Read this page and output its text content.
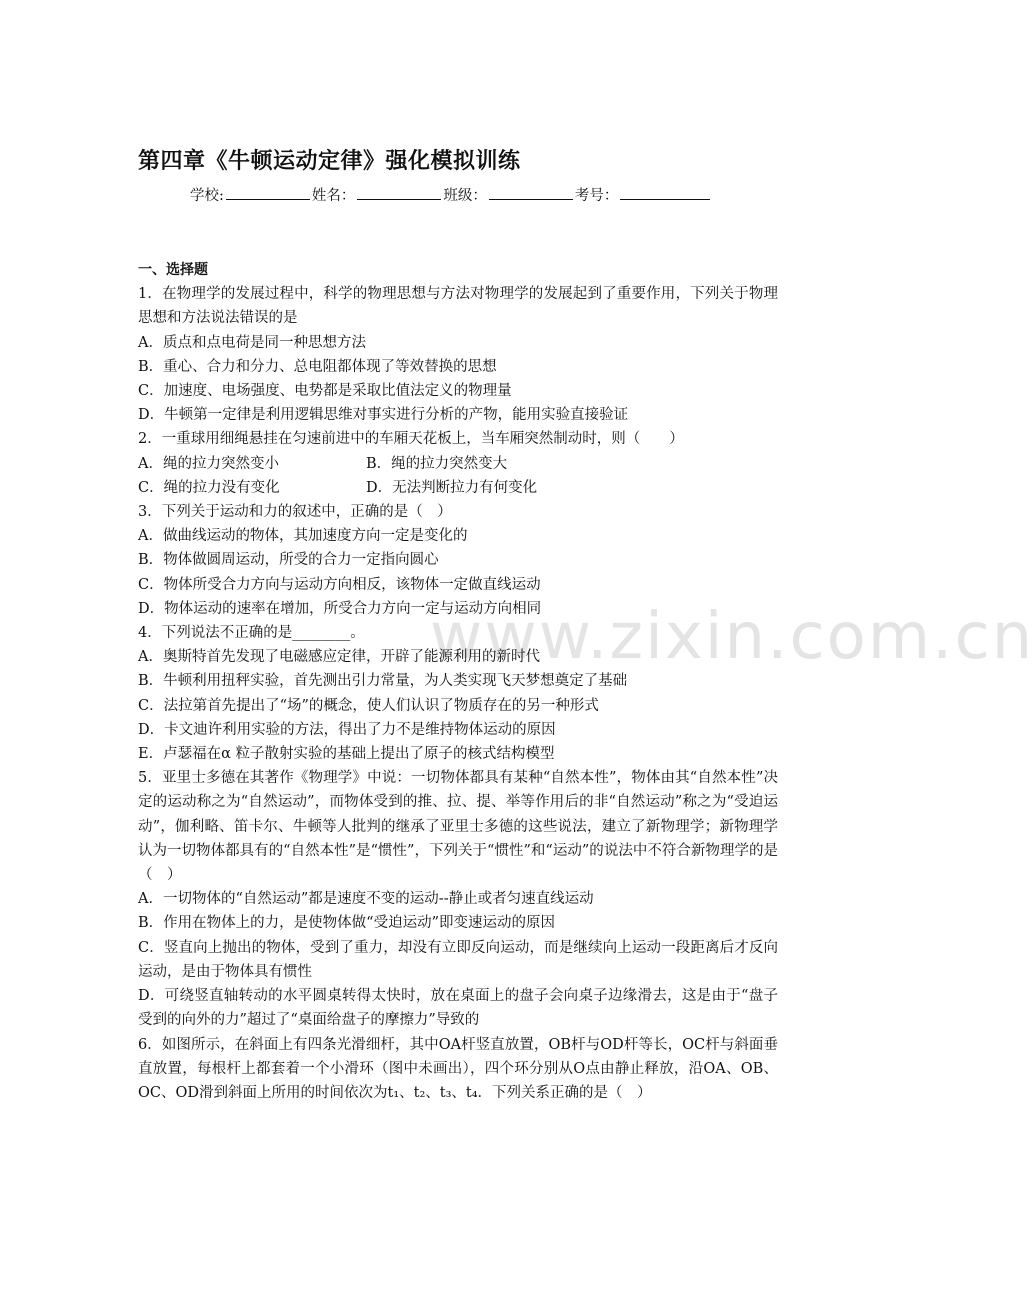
www.zixin.com.cn
第四章《牛顿运动定律》强化模拟训练
学校:	姓名：	班级：	考号：
一、选择题
1．在物理学的发展过程中，科学的物理思想与方法对物理学的发展起到了重要作用，下列关于物理思想和方法说法错误的是
A．质点和点电荷是同一种思想方法
B．重心、合力和分力、总电阻都体现了等效替换的思想
C．加速度、电场强度、电势都是采取比值法定义的物理量
D．牛顿第一定律是利用逻辑思维对事实进行分析的产物，能用实验直接验证
2．一重球用细绳悬挂在匀速前进中的车厢天花板上，当车厢突然制动时，则（　　）
A．绳的拉力突然变小	B．绳的拉力突然变大
C．绳的拉力没有变化	D．无法判断拉力有何变化
3．下列关于运动和力的叙述中，正确的是（　）
A．做曲线运动的物体，其加速度方向一定是变化的
B．物体做圆周运动，所受的合力一定指向圆心
C．物体所受合力方向与运动方向相反，该物体一定做直线运动
D．物体运动的速率在增加，所受合力方向一定与运动方向相同
4．下列说法不正确的是________。
A．奥斯特首先发现了电磁感应定律，开辟了能源利用的新时代
B．牛顿利用扭秤实验，首先测出引力常量，为人类实现飞天梦想奠定了基础
C．法拉第首先提出了“场”的概念，使人们认识了物质存在的另一种形式
D．卡文迪许利用实验的方法，得出了力不是维持物体运动的原因
E．卢瑟福在α 粒子散射实验的基础上提出了原子的核式结构模型
5．亚里士多德在其著作《物理学》中说：一切物体都具有某种“自然本性”，物体由其“自然本性”决定的运动称之为“自然运动”，而物体受到的推、拉、提、举等作用后的非“自然运动”称之为“受迫运动”，伽利略、笛卡尔、牛顿等人批判的继承了亚里士多德的这些说法，建立了新物理学；新物理学认为一切物体都具有的“自然本性”是“惯性”，下列关于“惯性”和“运动”的说法中不符合新物理学的是（　）
A．一切物体的“自然运动”都是速度不变的运动--静止或者匀速直线运动
B．作用在物体上的力，是使物体做“受迫运动”即变速运动的原因
C．竖直向上抛出的物体，受到了重力，却没有立即反向运动，而是继续向上运动一段距离后才反向运动，是由于物体具有惯性
D．可绕竖直轴转动的水平圆桌转得太快时，放在桌面上的盘子会向桌子边缘滑去，这是由于“盘子受到的向外的力”超过了“桌面给盘子的摩擦力”导致的
6．如图所示，在斜面上有四条光滑细杆，其中OA杆竖直放置，OB杆与OD杆等长，OC杆与斜面垂直放置，每根杆上都套着一个小滑环（图中未画出），四个环分别从O点由静止释放，沿OA、OB、OC、OD滑到斜面上所用的时间依次为t₁、t₂、t₃、t₄．下列关系正确的是（　）
